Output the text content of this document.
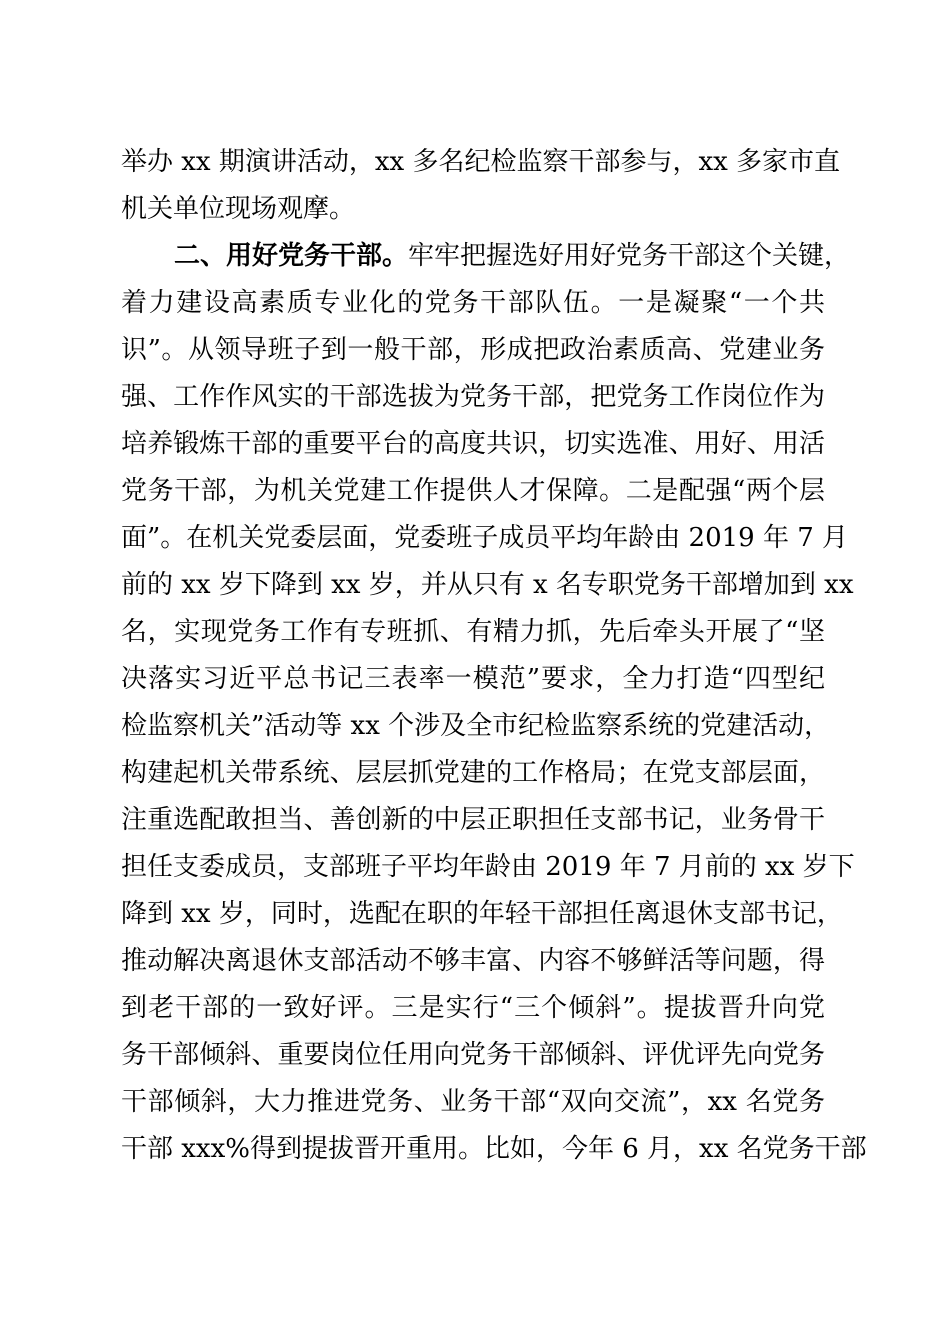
举办 xx 期演讲活动，xx 多名纪检监察干部参与，xx 多家市直
机关单位现场观摩。
二、用好党务干部。牢牢把握选好用好党务干部这个关键，
着力建设高素质专业化的党务干部队伍。一是凝聚“一个共
识”。从领导班子到一般干部，形成把政治素质高、党建业务
强、工作作风实的干部选拔为党务干部，把党务工作岗位作为
培养锻炼干部的重要平台的高度共识，切实选准、用好、用活
党务干部，为机关党建工作提供人才保障。二是配强“两个层
面”。在机关党委层面，党委班子成员平均年龄由 2019 年 7 月
前的 xx 岁下降到 xx 岁，并从只有 x 名专职党务干部增加到 xx
名，实现党务工作有专班抓、有精力抓，先后牵头开展了“坚
决落实习近平总书记三表率一模范”要求，全力打造“四型纪
检监察机关”活动等 xx 个涉及全市纪检监察系统的党建活动，
构建起机关带系统、层层抓党建的工作格局；在党支部层面，
注重选配敢担当、善创新的中层正职担任支部书记，业务骨干
担任支委成员，支部班子平均年龄由 2019 年 7 月前的 xx 岁下
降到 xx 岁，同时，选配在职的年轻干部担任离退休支部书记，
推动解决离退休支部活动不够丰富、内容不够鲜活等问题，得
到老干部的一致好评。三是实行“三个倾斜”。提拔晋升向党
务干部倾斜、重要岗位任用向党务干部倾斜、评优评先向党务
干部倾斜，大力推进党务、业务干部“双向交流”，xx 名党务
干部 xxx%得到提拔晋开重用。比如，今年 6 月，xx 名党务干部
